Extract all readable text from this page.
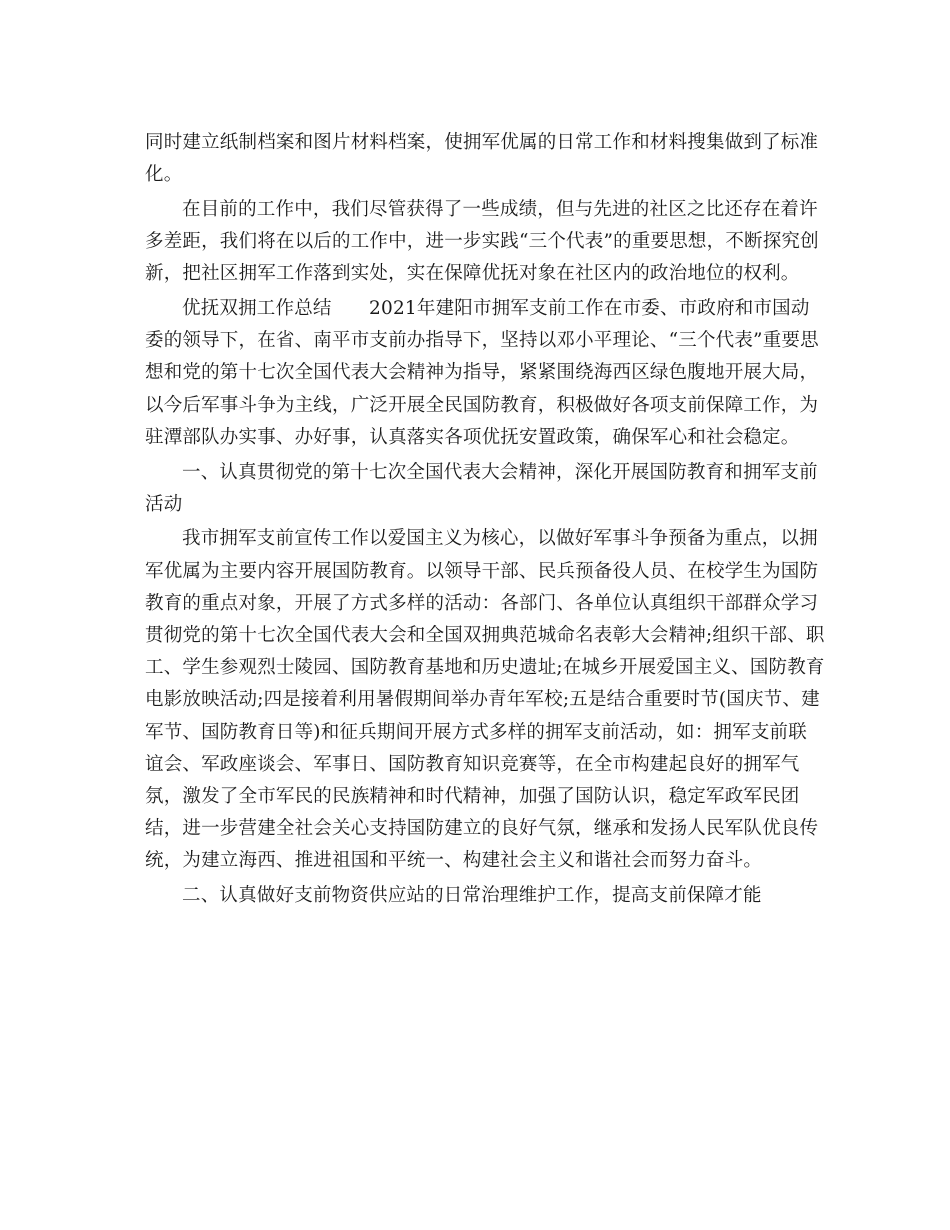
同时建立纸制档案和图片材料档案，使拥军优属的日常工作和材料搜集做到了标准化。

在目前的工作中，我们尽管获得了一些成绩，但与先进的社区之比还存在着许多差距，我们将在以后的工作中，进一步实践“三个代表”的重要思想，不断探究创新，把社区拥军工作落到实处，实在保障优抚对象在社区内的政治地位的权利。

优抚双拥工作总结　　2021年建阳市拥军支前工作在市委、市政府和市国动委的领导下，在省、南平市支前办指导下，坚持以邓小平理论、“三个代表”重要思想和党的第十七次全国代表大会精神为指导，紧紧围绕海西区绿色腹地开展大局，以今后军事斗争为主线，广泛开展全民国防教育，积极做好各项支前保障工作，为驻潭部队办实事、办好事，认真落实各项优抚安置政策，确保军心和社会稳定。

一、认真贯彻党的第十七次全国代表大会精神，深化开展国防教育和拥军支前活动

我市拥军支前宣传工作以爱国主义为核心，以做好军事斗争预备为重点，以拥军优属为主要内容开展国防教育。以领导干部、民兵预备役人员、在校学生为国防教育的重点对象，开展了方式多样的活动：各部门、各单位认真组织干部群众学习贯彻党的第十七次全国代表大会和全国双拥典范城命名表彰大会精神;组织干部、职工、学生参观烈士陵园、国防教育基地和历史遗址;在城乡开展爱国主义、国防教育电影放映活动;四是接着利用暑假期间举办青年军校;五是结合重要时节(国庆节、建军节、国防教育日等)和征兵期间开展方式多样的拥军支前活动，如：拥军支前联谊会、军政座谈会、军事日、国防教育知识竞赛等，在全市构建起良好的拥军气氛，激发了全市军民的民族精神和时代精神，加强了国防认识，稳定军政军民团结，进一步营建全社会关心支持国防建立的良好气氛，继承和发扬人民军队优良传统，为建立海西、推进祖国和平统一、构建社会主义和谐社会而努力奋斗。

二、认真做好支前物资供应站的日常治理维护工作，提高支前保障才能
